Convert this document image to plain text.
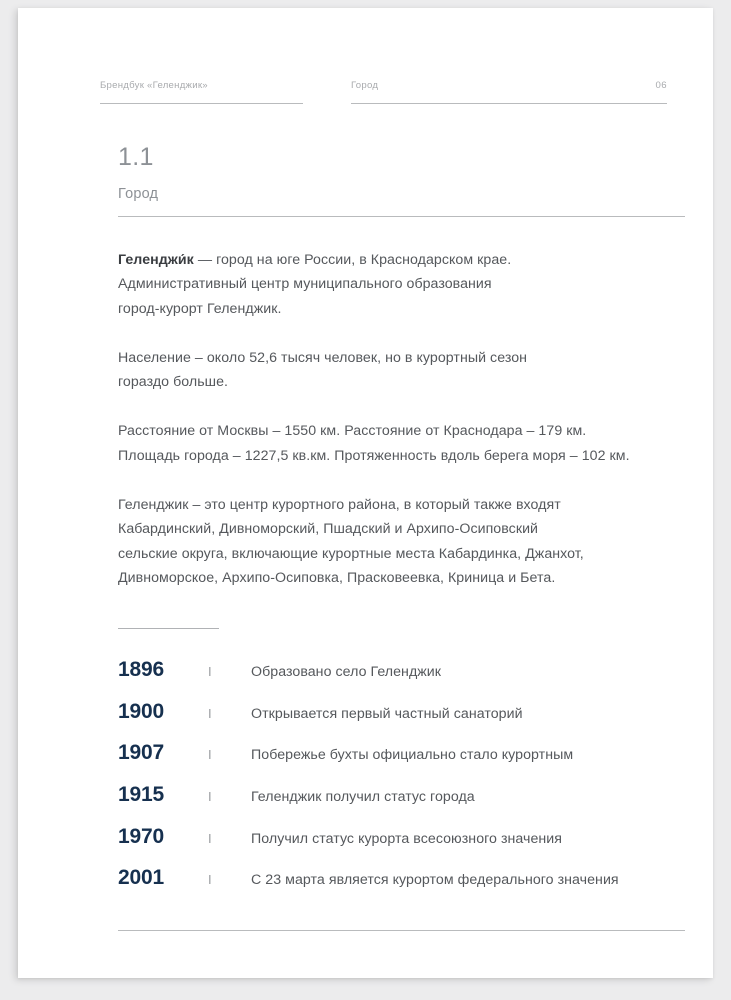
Брендбук «Геленджик»	Город	06
1.1
Город

Геленджи́к — город на юге России, в Краснодарском крае.
Административный центр муниципального образования
город-курорт Геленджик.

Население – около 52,6 тысяч человек, но в курортный сезон
гораздо больше.

Расстояние от Москвы – 1550 км. Расстояние от Краснодара – 179 км.
Площадь города – 1227,5 кв.км. Протяженность вдоль берега моря – 102 км.

Геленджик – это центр курортного района, в который также входят
Кабардинский, Дивноморский, Пшадский и Архипо-Осиповский
сельские округа, включающие курортные места Кабардинка, Джанхот,
Дивноморское, Архипо-Осиповка, Прасковеевка, Криница и Бета.

1896	I	Образовано село Геленджик
1900	I	Открывается первый частный санаторий
1907	I	Побережье бухты официально стало курортным
1915	I	Геленджик получил статус города
1970	I	Получил статус курорта всесоюзного значения
2001	I	С 23 марта является курортом федерального значения
